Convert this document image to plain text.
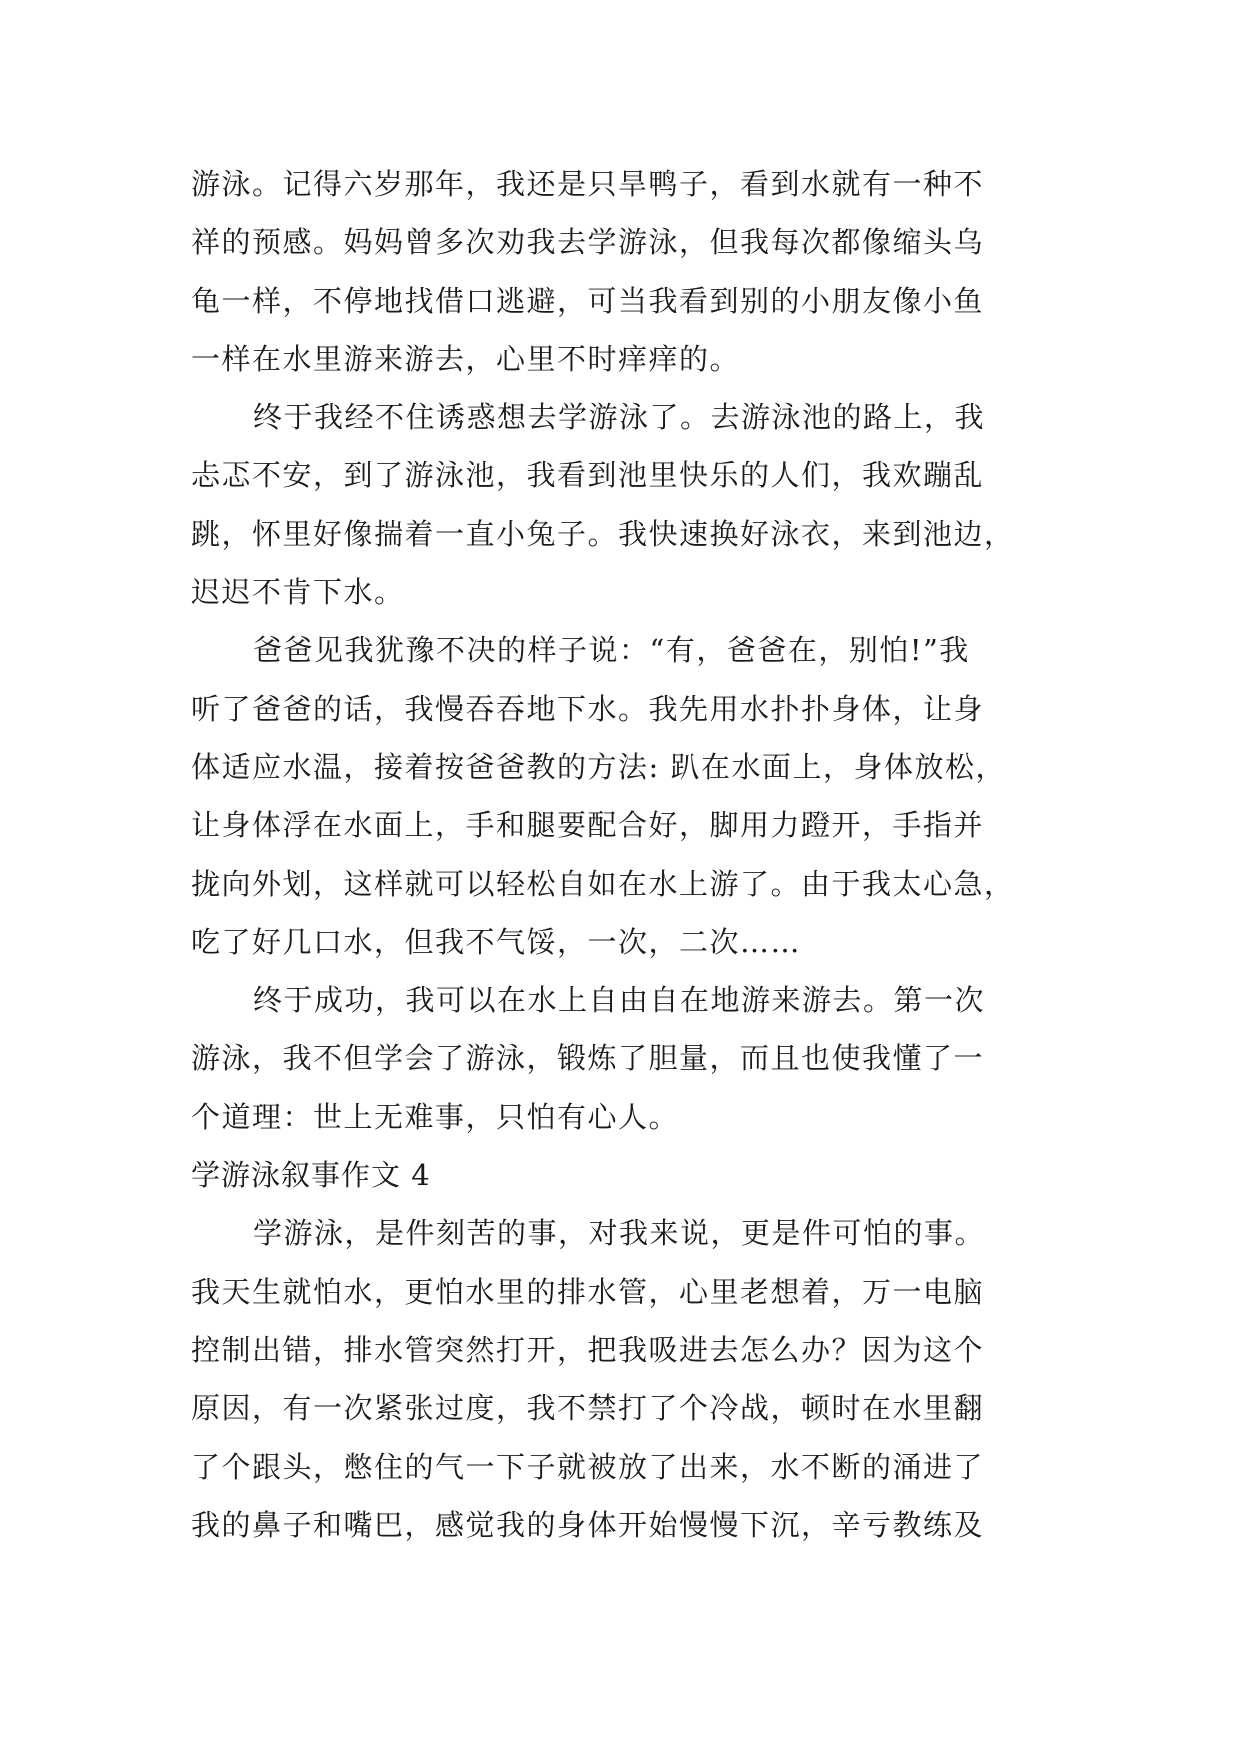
游泳。记得六岁那年，我还是只旱鸭子，看到水就有一种不
祥的预感。妈妈曾多次劝我去学游泳，但我每次都像缩头乌
龟一样，不停地找借口逃避，可当我看到别的小朋友像小鱼
一样在水里游来游去，心里不时痒痒的。
终于我经不住诱惑想去学游泳了。去游泳池的路上，我
忐忑不安，到了游泳池，我看到池里快乐的人们，我欢蹦乱
跳，怀里好像揣着一直小兔子。我快速换好泳衣，来到池边，
迟迟不肯下水。
爸爸见我犹豫不决的样子说：“有，爸爸在，别怕!”我
听了爸爸的话，我慢吞吞地下水。我先用水扑扑身体，让身
体适应水温，接着按爸爸教的方法: 趴在水面上，身体放松，
让身体浮在水面上，手和腿要配合好，脚用力蹬开，手指并
拢向外划，这样就可以轻松自如在水上游了。由于我太心急，
吃了好几口水，但我不气馁，一次，二次……
终于成功，我可以在水上自由自在地游来游去。第一次
游泳，我不但学会了游泳，锻炼了胆量，而且也使我懂了一
个道理：世上无难事，只怕有心人。
学游泳叙事作文 4
学游泳，是件刻苦的事，对我来说，更是件可怕的事。
我天生就怕水，更怕水里的排水管，心里老想着，万一电脑
控制出错，排水管突然打开，把我吸进去怎么办？因为这个
原因，有一次紧张过度，我不禁打了个冷战，顿时在水里翻
了个跟头，憋住的气一下子就被放了出来，水不断的涌进了
我的鼻子和嘴巴，感觉我的身体开始慢慢下沉，辛亏教练及
